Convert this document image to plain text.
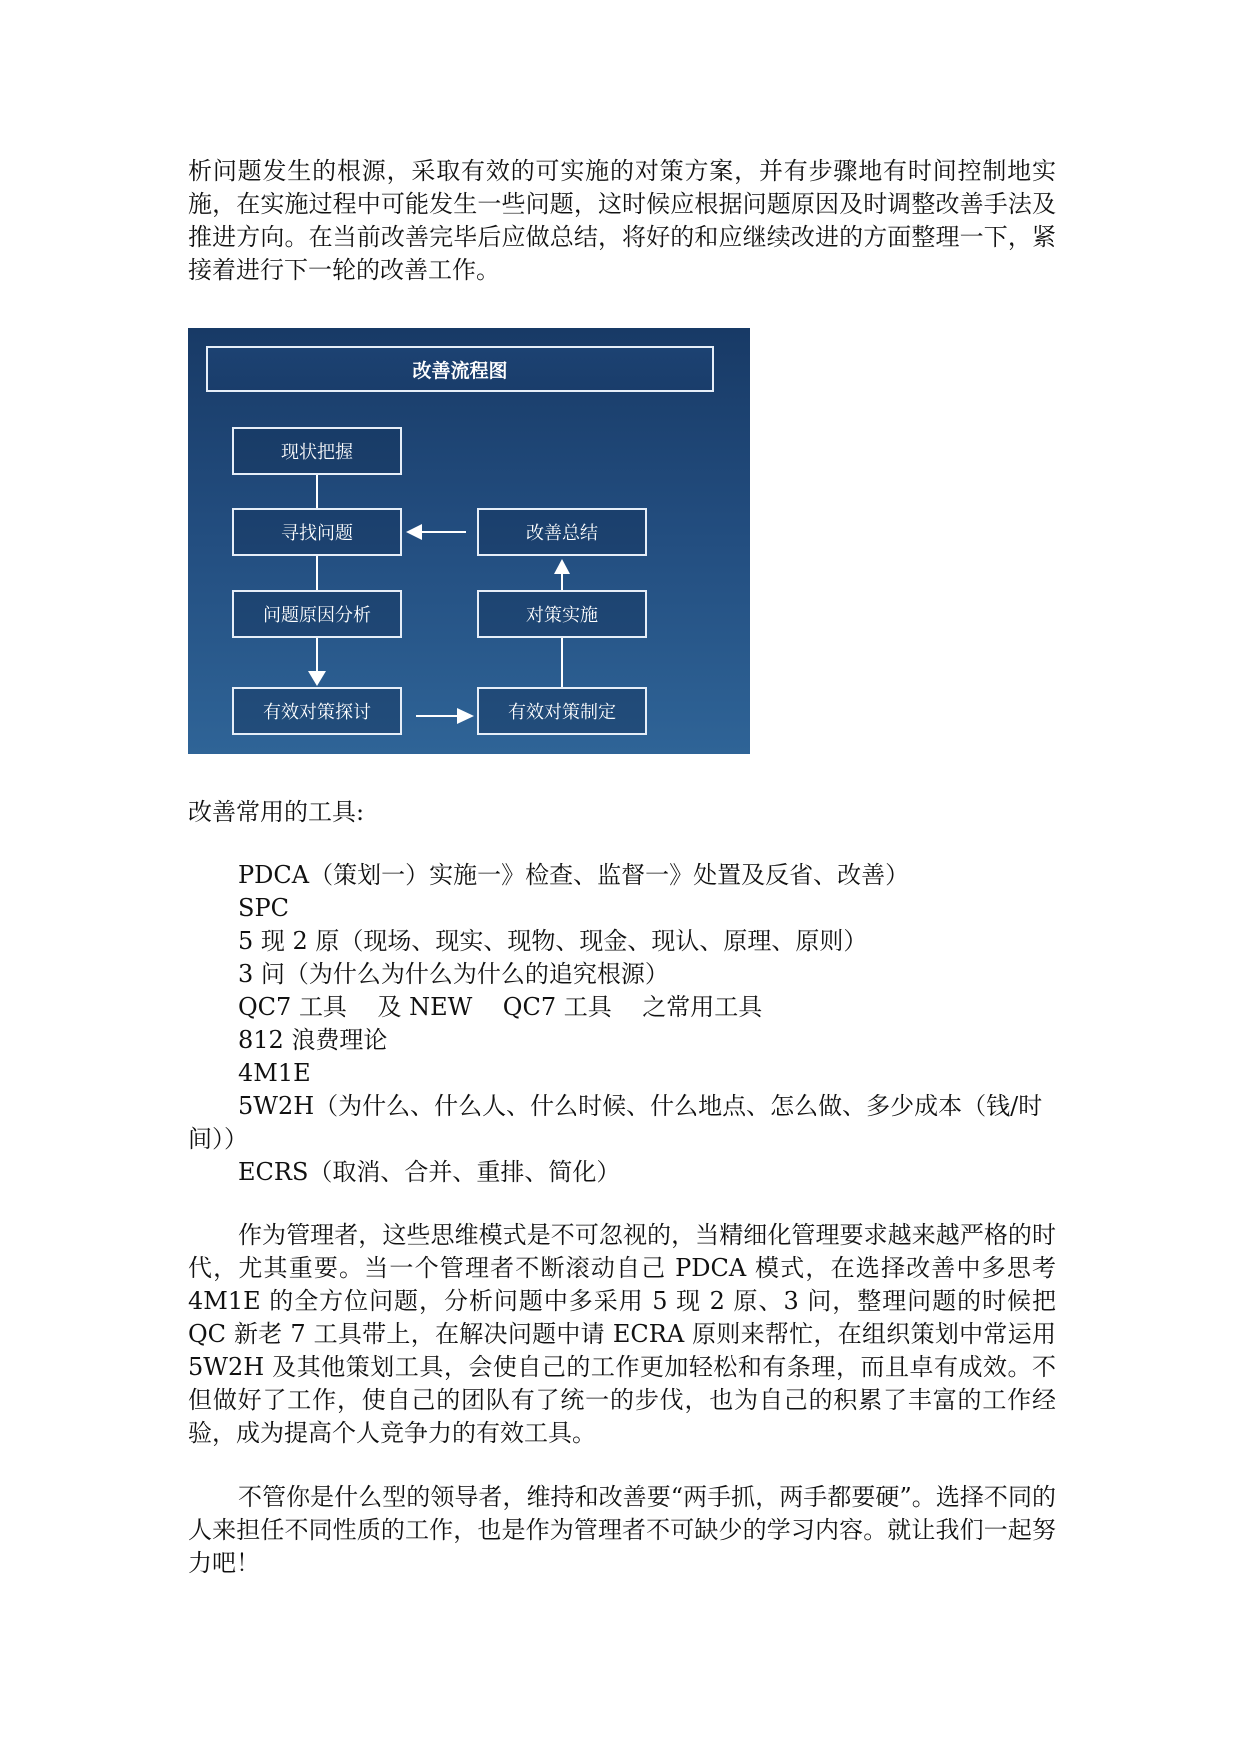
析问题发生的根源，采取有效的可实施的对策方案，并有步骤地有时间控制地实施，在实施过程中可能发生一些问题，这时候应根据问题原因及时调整改善手法及推进方向。在当前改善完毕后应做总结，将好的和应继续改进的方面整理一下，紧接着进行下一轮的改善工作。

改善流程图
现状把握
寻找问题
问题原因分析
有效对策探讨
改善总结
对策实施
有效对策制定

改善常用的工具:

PDCA（策划一）实施一》检查、监督一》处置及反省、改善）
SPC
5 现 2 原（现场、现实、现物、现金、现认、原理、原则）
3 问（为什么为什么为什么的追究根源）
QC7 工具    及 NEW    QC7 工具    之常用工具
812 浪费理论
4M1E
5W2H（为什么、什么人、什么时候、什么地点、怎么做、多少成本（钱/时间））
ECRS（取消、合并、重排、简化）

作为管理者，这些思维模式是不可忽视的，当精细化管理要求越来越严格的时代，尤其重要。当一个管理者不断滚动自己 PDCA 模式，在选择改善中多思考 4M1E 的全方位问题，分析问题中多采用 5 现 2 原、3 问，整理问题的时候把 QC 新老 7 工具带上，在解决问题中请 ECRA 原则来帮忙，在组织策划中常运用 5W2H 及其他策划工具，会使自己的工作更加轻松和有条理，而且卓有成效。不但做好了工作，使自己的团队有了统一的步伐，也为自己的积累了丰富的工作经验，成为提高个人竞争力的有效工具。

不管你是什么型的领导者，维持和改善要“两手抓，两手都要硬”。选择不同的人来担任不同性质的工作，也是作为管理者不可缺少的学习内容。就让我们一起努力吧！
